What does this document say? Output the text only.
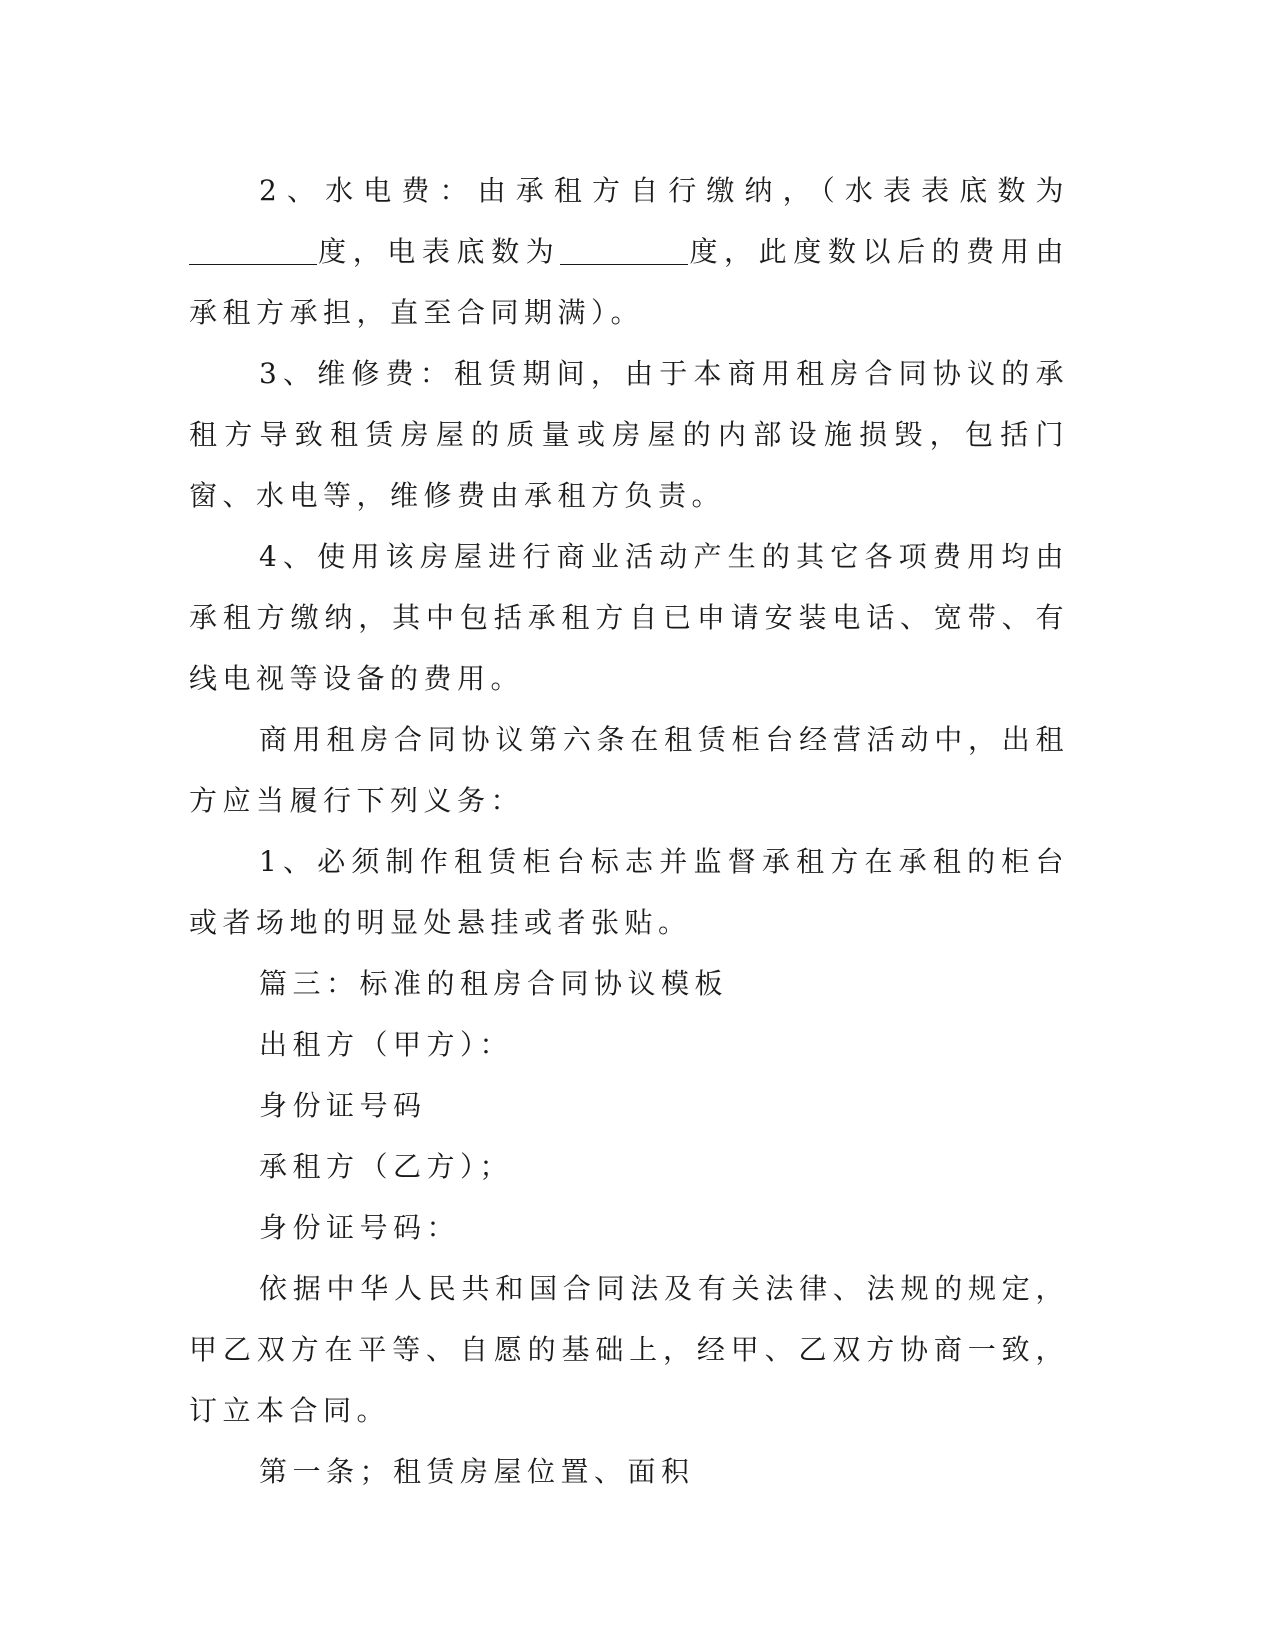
2、水电费：由承租方自行缴纳，（水表表底数为度，电表底数为	度，此度数以后的费用由承租方承担，直至合同期满）。

3、维修费：租赁期间，由于本商用租房合同协议的承租方导致租赁房屋的质量或房屋的内部设施损毁，包括门窗、水电等，维修费由承租方负责。

4、使用该房屋进行商业活动产生的其它各项费用均由承租方缴纳，其中包括承租方自已申请安装电话、宽带、有线电视等设备的费用。

商用租房合同协议第六条在租赁柜台经营活动中，出租方应当履行下列义务：

1、必须制作租赁柜台标志并监督承租方在承租的柜台或者场地的明显处悬挂或者张贴。

篇三：标准的租房合同协议模板

出租方（甲方）：

身份证号码

承租方（乙方）；

身份证号码：

依据中华人民共和国合同法及有关法律、法规的规定，甲乙双方在平等、自愿的基础上，经甲、乙双方协商一致，订立本合同。

第一条；租赁房屋位置、面积
